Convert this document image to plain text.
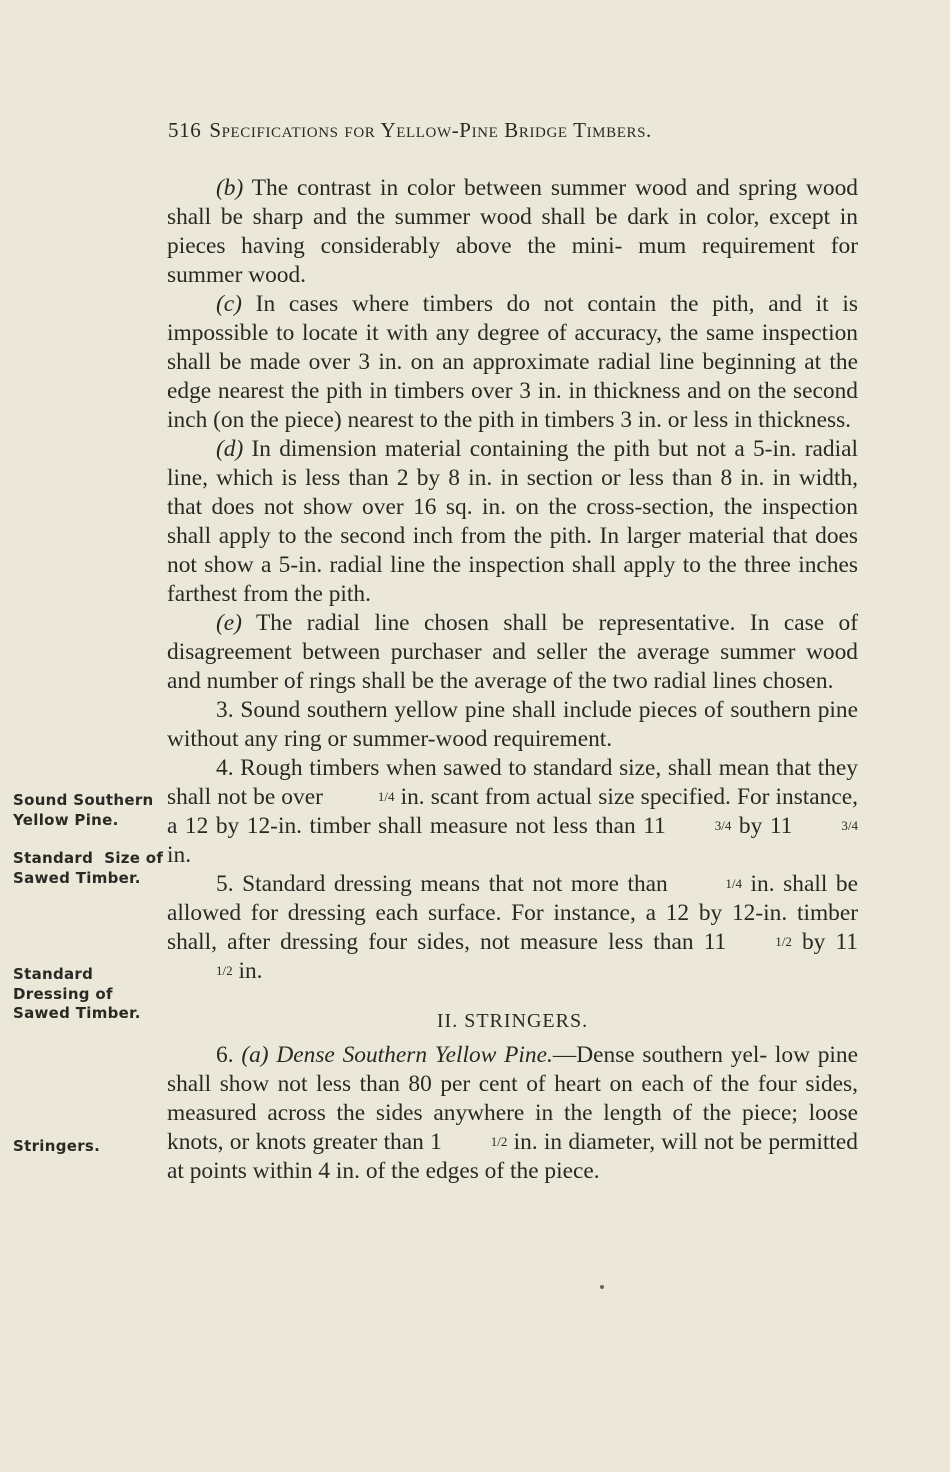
516 Specifications for Yellow-Pine Bridge Timbers.
Sound Southern
Yellow Pine.
Standard  Size of
Sawed Timber.
Standard
Dressing of
Sawed Timber.
Stringers.

(b) The contrast in color between summer wood and spring wood shall be sharp and the summer wood shall be dark in color, except in pieces having considerably above the mini- mum requirement for summer wood.

(c) In cases where timbers do not contain the pith, and it is impossible to locate it with any degree of accuracy, the same inspection shall be made over 3 in. on an approximate radial line beginning at the edge nearest the pith in timbers over 3 in. in thickness and on the second inch (on the piece) nearest to the pith in timbers 3 in. or less in thickness.

(d) In dimension material containing the pith but not a 5-in. radial line, which is less than 2 by 8 in. in section or less than 8 in. in width, that does not show over 16 sq. in. on the cross-section, the inspection shall apply to the second inch from the pith. In larger material that does not show a 5-in. radial line the inspection shall apply to the three inches farthest from the pith.

(e) The radial line chosen shall be representative. In case of disagreement between purchaser and seller the average summer wood and number of rings shall be the average of the two radial lines chosen.

3. Sound southern yellow pine shall include pieces of southern pine without any ring or summer-wood requirement.

4. Rough timbers when sawed to standard size, shall mean that they shall not be over	1/4 in. scant from actual size specified. For instance, a 12 by 12-in. timber shall measure not less than 11	3/4 by 11	3/4 in.

5. Standard dressing means that not more than	1/4 in. shall be allowed for dressing each surface. For instance, a 12 by 12-in. timber shall, after dressing four sides, not measure less than 11	1/2 by 111/2 in.

II. STRINGERS.

6. (a) Dense Southern Yellow Pine.—Dense southern yel- low pine shall show not less than 80 per cent of heart on each of the four sides, measured across the sides anywhere in the length of the piece; loose knots, or knots greater than 1	1/2 in. in diameter, will not be permitted at points within 4 in. of the edges of the piece.
